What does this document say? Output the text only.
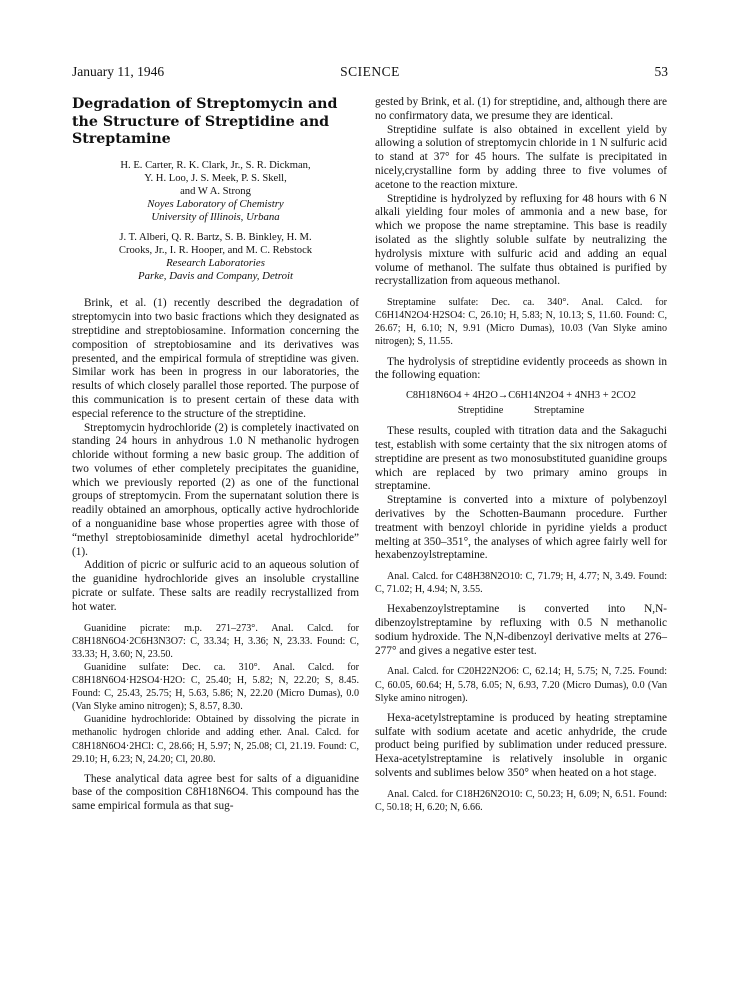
January 11, 1946	SCIENCE	53
Degradation of Streptomycin and the Structure of Streptidine and Streptamine

H. E. Carter, R. K. Clark, Jr., S. R. Dickman,

Y. H. Loo, J. S. Meek, P. S. Skell,

and W A. Strong

Noyes Laboratory of Chemistry

University of Illinois, Urbana

J. T. Alberi, Q. R. Bartz, S. B. Binkley, H. M.

Crooks, Jr., I. R. Hooper, and M. C. Rebstock

Research Laboratories

Parke, Davis and Company, Detroit

Brink, et al. (1) recently described the degradation of streptomycin into two basic fractions which they designated as streptidine and streptobiosamine. Information concerning the composition of streptobiosamine and its derivatives was presented, and the empirical formula of streptidine was given. Similar work has been in progress in our laboratories, the results of which closely parallel those reported. The purpose of this communication is to present certain of these data with especial reference to the structure of the streptidine.

Streptomycin hydrochloride (2) is completely inactivated on standing 24 hours in anhydrous 1.0 N methanolic hydrogen chloride without forming a new basic group. The addition of two volumes of ether completely precipitates the guanidine, which we previously reported (2) as one of the functional groups of streptomycin. From the supernatant solution there is readily obtained an amorphous, optically active hydrochloride of a nonguanidine base whose properties agree with those of “methyl streptobiosaminide dimethyl acetal hydrochloride” (1).

Addition of picric or sulfuric acid to an aqueous solution of the guanidine hydrochloride gives an insoluble crystalline picrate or sulfate. These salts are readily recrystallized from hot water.

Guanidine picrate: m.p. 271–273°. Anal. Calcd. for C8H18N6O4·2C6H3N3O7: C, 33.34; H, 3.36; N, 23.33. Found: C, 33.33; H, 3.60; N, 23.50.

Guanidine sulfate: Dec. ca. 310°. Anal. Calcd. for C8H18N6O4·H2SO4·H2O: C, 25.40; H, 5.82; N, 22.20; S, 8.45. Found: C, 25.43, 25.75; H, 5.63, 5.86; N, 22.20 (Micro Dumas), 0.0 (Van Slyke amino nitrogen); S, 8.57, 8.30.

Guanidine hydrochloride: Obtained by dissolving the picrate in methanolic hydrogen chloride and adding ether. Anal. Calcd. for C8H18N6O4·2HCl: C, 28.66; H, 5.97; N, 25.08; Cl, 21.19. Found: C, 29.10; H, 6.23; N, 24.20; Cl, 20.80.

These analytical data agree best for salts of a diguanidine base of the composition C8H18N6O4. This compound has the same empirical formula as that sug-

gested by Brink, et al. (1) for streptidine, and, although there are no confirmatory data, we presume they are identical.

Streptidine sulfate is also obtained in excellent yield by allowing a solution of streptomycin chloride in 1 N sulfuric acid to stand at 37° for 45 hours. The sulfate is precipitated in nicely,crystalline form by adding three to five volumes of acetone to the reaction mixture.

Streptidine is hydrolyzed by refluxing for 48 hours with 6 N alkali yielding four moles of ammonia and a new base, for which we propose the name streptamine. This base is readily isolated as the slightly soluble sulfate by neutralizing the hydrolysis mixture with sulfuric acid and adding an equal volume of methanol. The sulfate thus obtained is purified by recrystallization from aqueous methanol.

Streptamine sulfate: Dec. ca. 340°. Anal. Calcd. for C6H14N2O4·H2SO4: C, 26.10; H, 5.83; N, 10.13; S, 11.60. Found: C, 26.67; H, 6.10; N, 9.91 (Micro Dumas), 10.03 (Van Slyke amino nitrogen); S, 11.55.

The hydrolysis of streptidine evidently proceeds as shown in the following equation:

C8H18N6O4 + 4H2O→C6H14N2O4 + 4NH3 + 2CO2
Streptidine	Streptamine

These results, coupled with titration data and the Sakaguchi test, establish with some certainty that the six nitrogen atoms of streptidine are present as two monosubstituted guanidine groups which are replaced by two primary amino groups in streptamine.

Streptamine is converted into a mixture of polybenzoyl derivatives by the Schotten-Baumann procedure. Further treatment with benzoyl chloride in pyridine yields a product melting at 350–351°, the analyses of which agree fairly well for hexabenzoylstreptamine.

Anal. Calcd. for C48H38N2O10: C, 71.79; H, 4.77; N, 3.49. Found: C, 71.02; H, 4.94; N, 3.55.

Hexabenzoylstreptamine is converted into N,N-dibenzoylstreptamine by refluxing with 0.5 N methanolic sodium hydroxide. The N,N-dibenzoyl derivative melts at 276–277° and gives a negative ester test.

Anal. Calcd. for C20H22N2O6: C, 62.14; H, 5.75; N, 7.25. Found: C, 60.05, 60.64; H, 5.78, 6.05; N, 6.93, 7.20 (Micro Dumas), 0.0 (Van Slyke amino nitrogen).

Hexa-acetylstreptamine is produced by heating streptamine sulfate with sodium acetate and acetic anhydride, the crude product being purified by sublimation under reduced pressure. Hexa-acetylstreptamine is relatively insoluble in organic solvents and sublimes below 350° when heated on a hot stage.

Anal. Calcd. for C18H26N2O10: C, 50.23; H, 6.09; N, 6.51. Found: C, 50.18; H, 6.20; N, 6.66.
